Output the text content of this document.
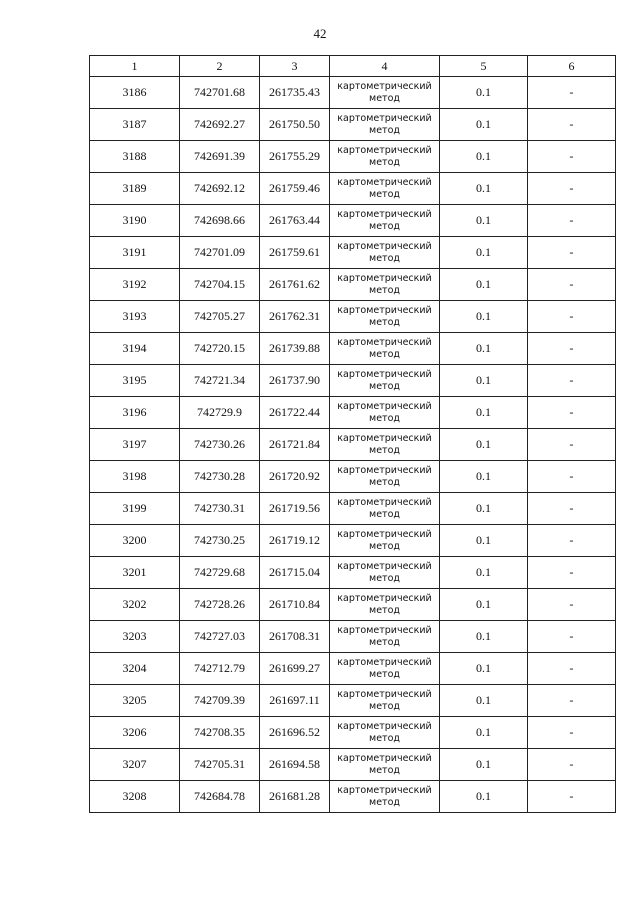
42
1	2	3	4	5	6
3186	742701.68	261735.43	картометрический метод	0.1	-
3187	742692.27	261750.50	картометрический метод	0.1	-
3188	742691.39	261755.29	картометрический метод	0.1	-
3189	742692.12	261759.46	картометрический метод	0.1	-
3190	742698.66	261763.44	картометрический метод	0.1	-
3191	742701.09	261759.61	картометрический метод	0.1	-
3192	742704.15	261761.62	картометрический метод	0.1	-
3193	742705.27	261762.31	картометрический метод	0.1	-
3194	742720.15	261739.88	картометрический метод	0.1	-
3195	742721.34	261737.90	картометрический метод	0.1	-
3196	742729.9	261722.44	картометрический метод	0.1	-
3197	742730.26	261721.84	картометрический метод	0.1	-
3198	742730.28	261720.92	картометрический метод	0.1	-
3199	742730.31	261719.56	картометрический метод	0.1	-
3200	742730.25	261719.12	картометрический метод	0.1	-
3201	742729.68	261715.04	картометрический метод	0.1	-
3202	742728.26	261710.84	картометрический метод	0.1	-
3203	742727.03	261708.31	картометрический метод	0.1	-
3204	742712.79	261699.27	картометрический метод	0.1	-
3205	742709.39	261697.11	картометрический метод	0.1	-
3206	742708.35	261696.52	картометрический метод	0.1	-
3207	742705.31	261694.58	картометрический метод	0.1	-
3208	742684.78	261681.28	картометрический метод	0.1	-
